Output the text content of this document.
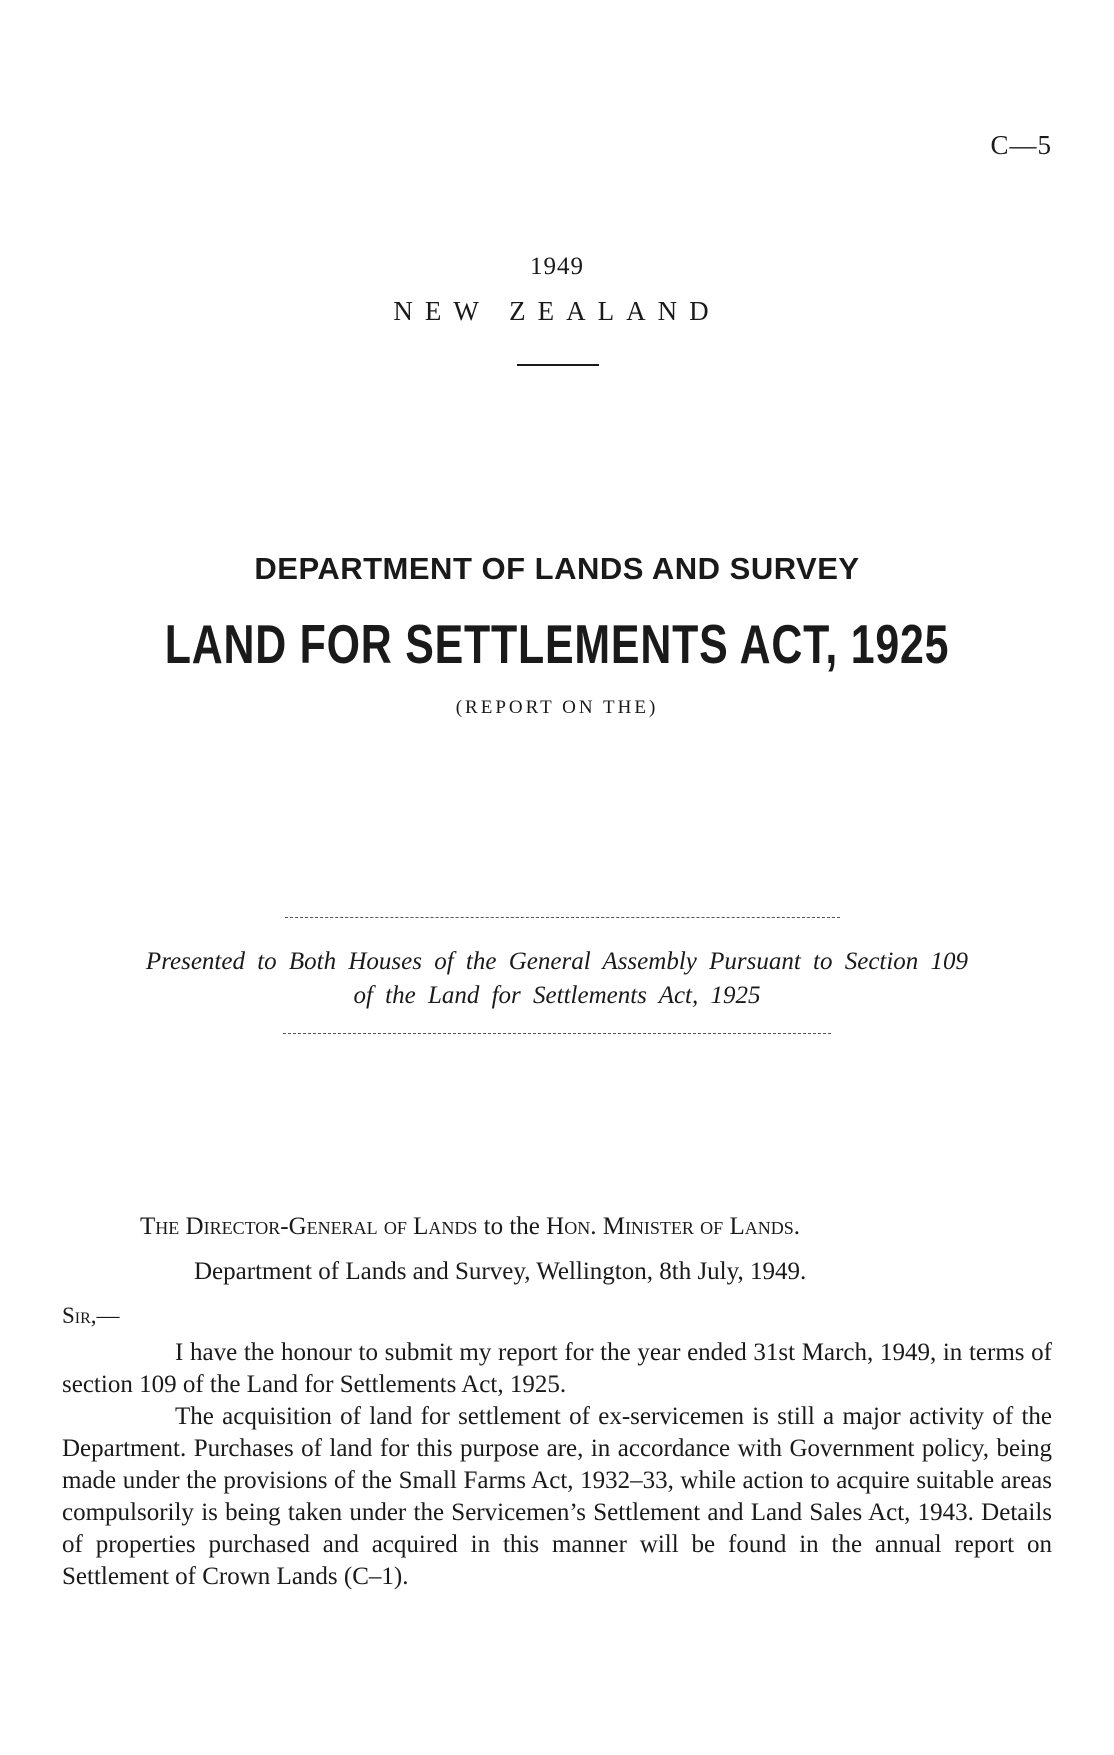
C—5
1949
NEW ZEALAND
DEPARTMENT OF LANDS AND SURVEY
LAND FOR SETTLEMENTS ACT, 1925
(REPORT ON THE)
Presented to Both Houses of the General Assembly Pursuant to Section 109
of the Land for Settlements Act, 1925
The Director-General of Lands to the Hon. Minister of Lands.
Department of Lands and Survey, Wellington, 8th July, 1949.
Sir,—

I have the honour to submit my report for the year ended 31st March, 1949, in terms of section 109 of the Land for Settlements Act, 1925.

The acquisition of land for settlement of ex-servicemen is still a major activity of the Department. Purchases of land for this purpose are, in accordance with Government policy, being made under the provisions of the Small Farms Act, 1932–33, while action to acquire suitable areas compulsorily is being taken under the Servicemen’s Settlement and Land Sales Act, 1943. Details of properties purchased and acquired in this manner will be found in the annual report on Settlement of Crown Lands (C–1).
